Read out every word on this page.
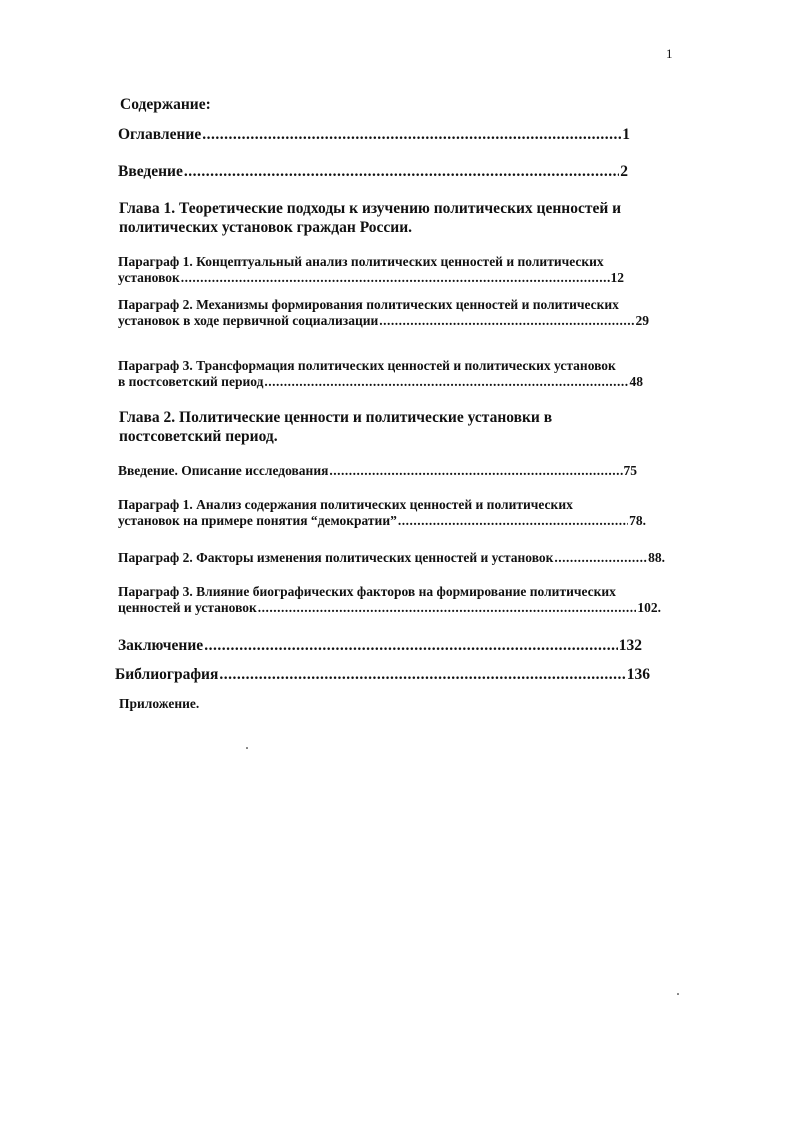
1
Содержание:
Оглавление .....	1
Введение .....	2
Глава 1. Теоретические подходы к изучению политических ценностей и
политических установок граждан России.
Параграф 1. Концептуальный анализ политических ценностей и политических
установок .....	12
Параграф 2. Механизмы формирования политических ценностей и политических
установок в ходе первичной социализации .....	29
Параграф 3. Трансформация политических ценностей и политических установок
в постсоветский период .....	48
Глава 2. Политические ценности и политические установки в
постсоветский период.
Введение. Описание исследования .....	75
Параграф 1. Анализ содержания политических ценностей и политических
установок на примере понятия “демократии” .....	78.
Параграф 2. Факторы изменения политических ценностей и установок .....	88.
Параграф 3. Влияние биографических факторов на формирование политических
ценностей и установок .....	102.
Заключение .....	132
Библиография .....	136
Приложение.
